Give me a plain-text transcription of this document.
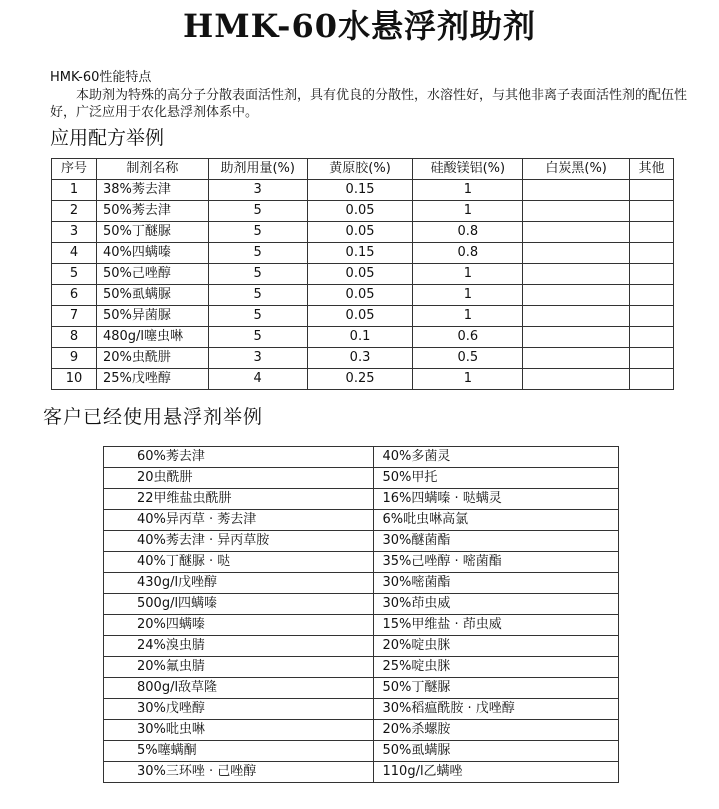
HMK-60水悬浮剂助剂
HMK-60性能特点
本助剂为特殊的高分子分散表面活性剂，具有优良的分散性，水溶性好，与其他非离子表面活性剂的配伍性好，广泛应用于农化悬浮剂体系中。
应用配方举例
序号	制剂名称	助剂用量(%)	黄原胶(%)	硅酸镁铝(%)	白炭黑(%)	其他
1	38%莠去津	3	0.15	1		
2	50%莠去津	5	0.05	1		
3	50%丁醚脲	5	0.05	0.8		
4	40%四螨嗪	5	0.15	0.8		
5	50%己唑醇	5	0.05	1		
6	50%虱螨脲	5	0.05	1		
7	50%异菌脲	5	0.05	1		
8	480g/l噻虫啉	5	0.1	0.6		
9	20%虫酰肼	3	0.3	0.5		
10	25%戊唑醇	4	0.25	1		
客户已经使用悬浮剂举例
60%莠去津	40%多菌灵
20虫酰肼	50%甲托
22甲维盐虫酰肼	16%四螨嗪 · 哒螨灵
40%异丙草 · 莠去津	6%吡虫啉高氯
40%莠去津 · 异丙草胺	30%醚菌酯
40%丁醚脲 · 哒	35%己唑醇 · 嘧菌酯
430g/l戊唑醇	30%嘧菌酯
500g/l四螨嗪	30%茚虫威
20%四螨嗪	15%甲维盐 · 茚虫威
24%溴虫腈	20%啶虫脒
20%氟虫腈	25%啶虫脒
800g/l敌草隆	50%丁醚脲
30%戊唑醇	30%稻瘟酰胺 · 戊唑醇
30%吡虫啉	20%杀螺胺
5%噻螨酮	50%虱螨脲
30%三环唑 · 己唑醇	110g/l乙螨唑
